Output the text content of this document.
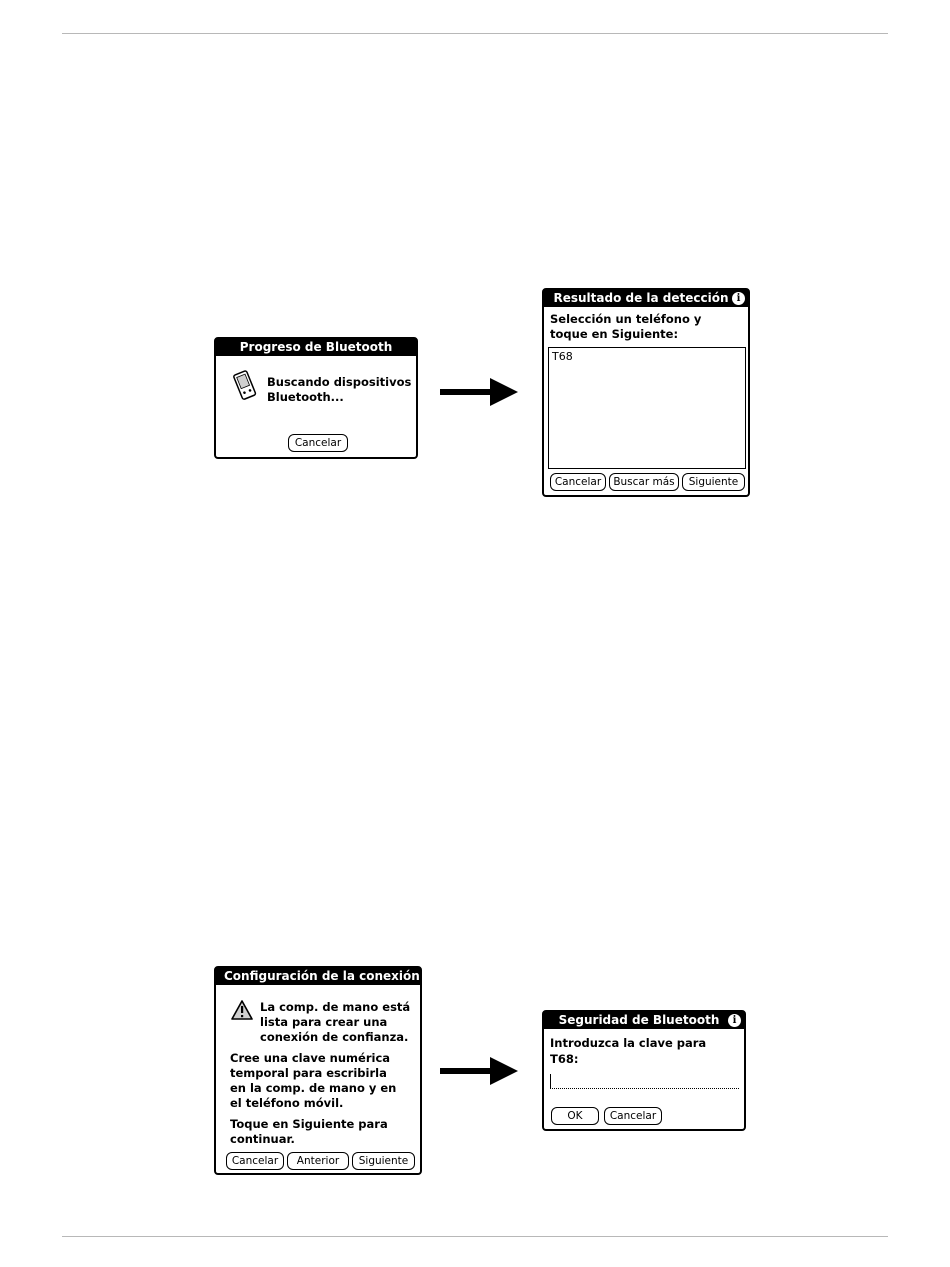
Progreso de Bluetooth
Buscando dispositivos
Bluetooth...
Cancelar
Resultado de la detección i
Selección un teléfono y
toque en Siguiente:
T68
Cancelar	Buscar más	Siguiente
Configuración de la conexión
La comp. de mano está
lista para crear una
conexión de confianza.
Cree una clave numérica
temporal para escribirla
en la comp. de mano y en
el teléfono móvil.
Toque en Siguiente para
continuar.
Cancelar	Anterior	Siguiente
Seguridad de Bluetooth	i
Introduzca la clave para
T68:
OK	Cancelar
